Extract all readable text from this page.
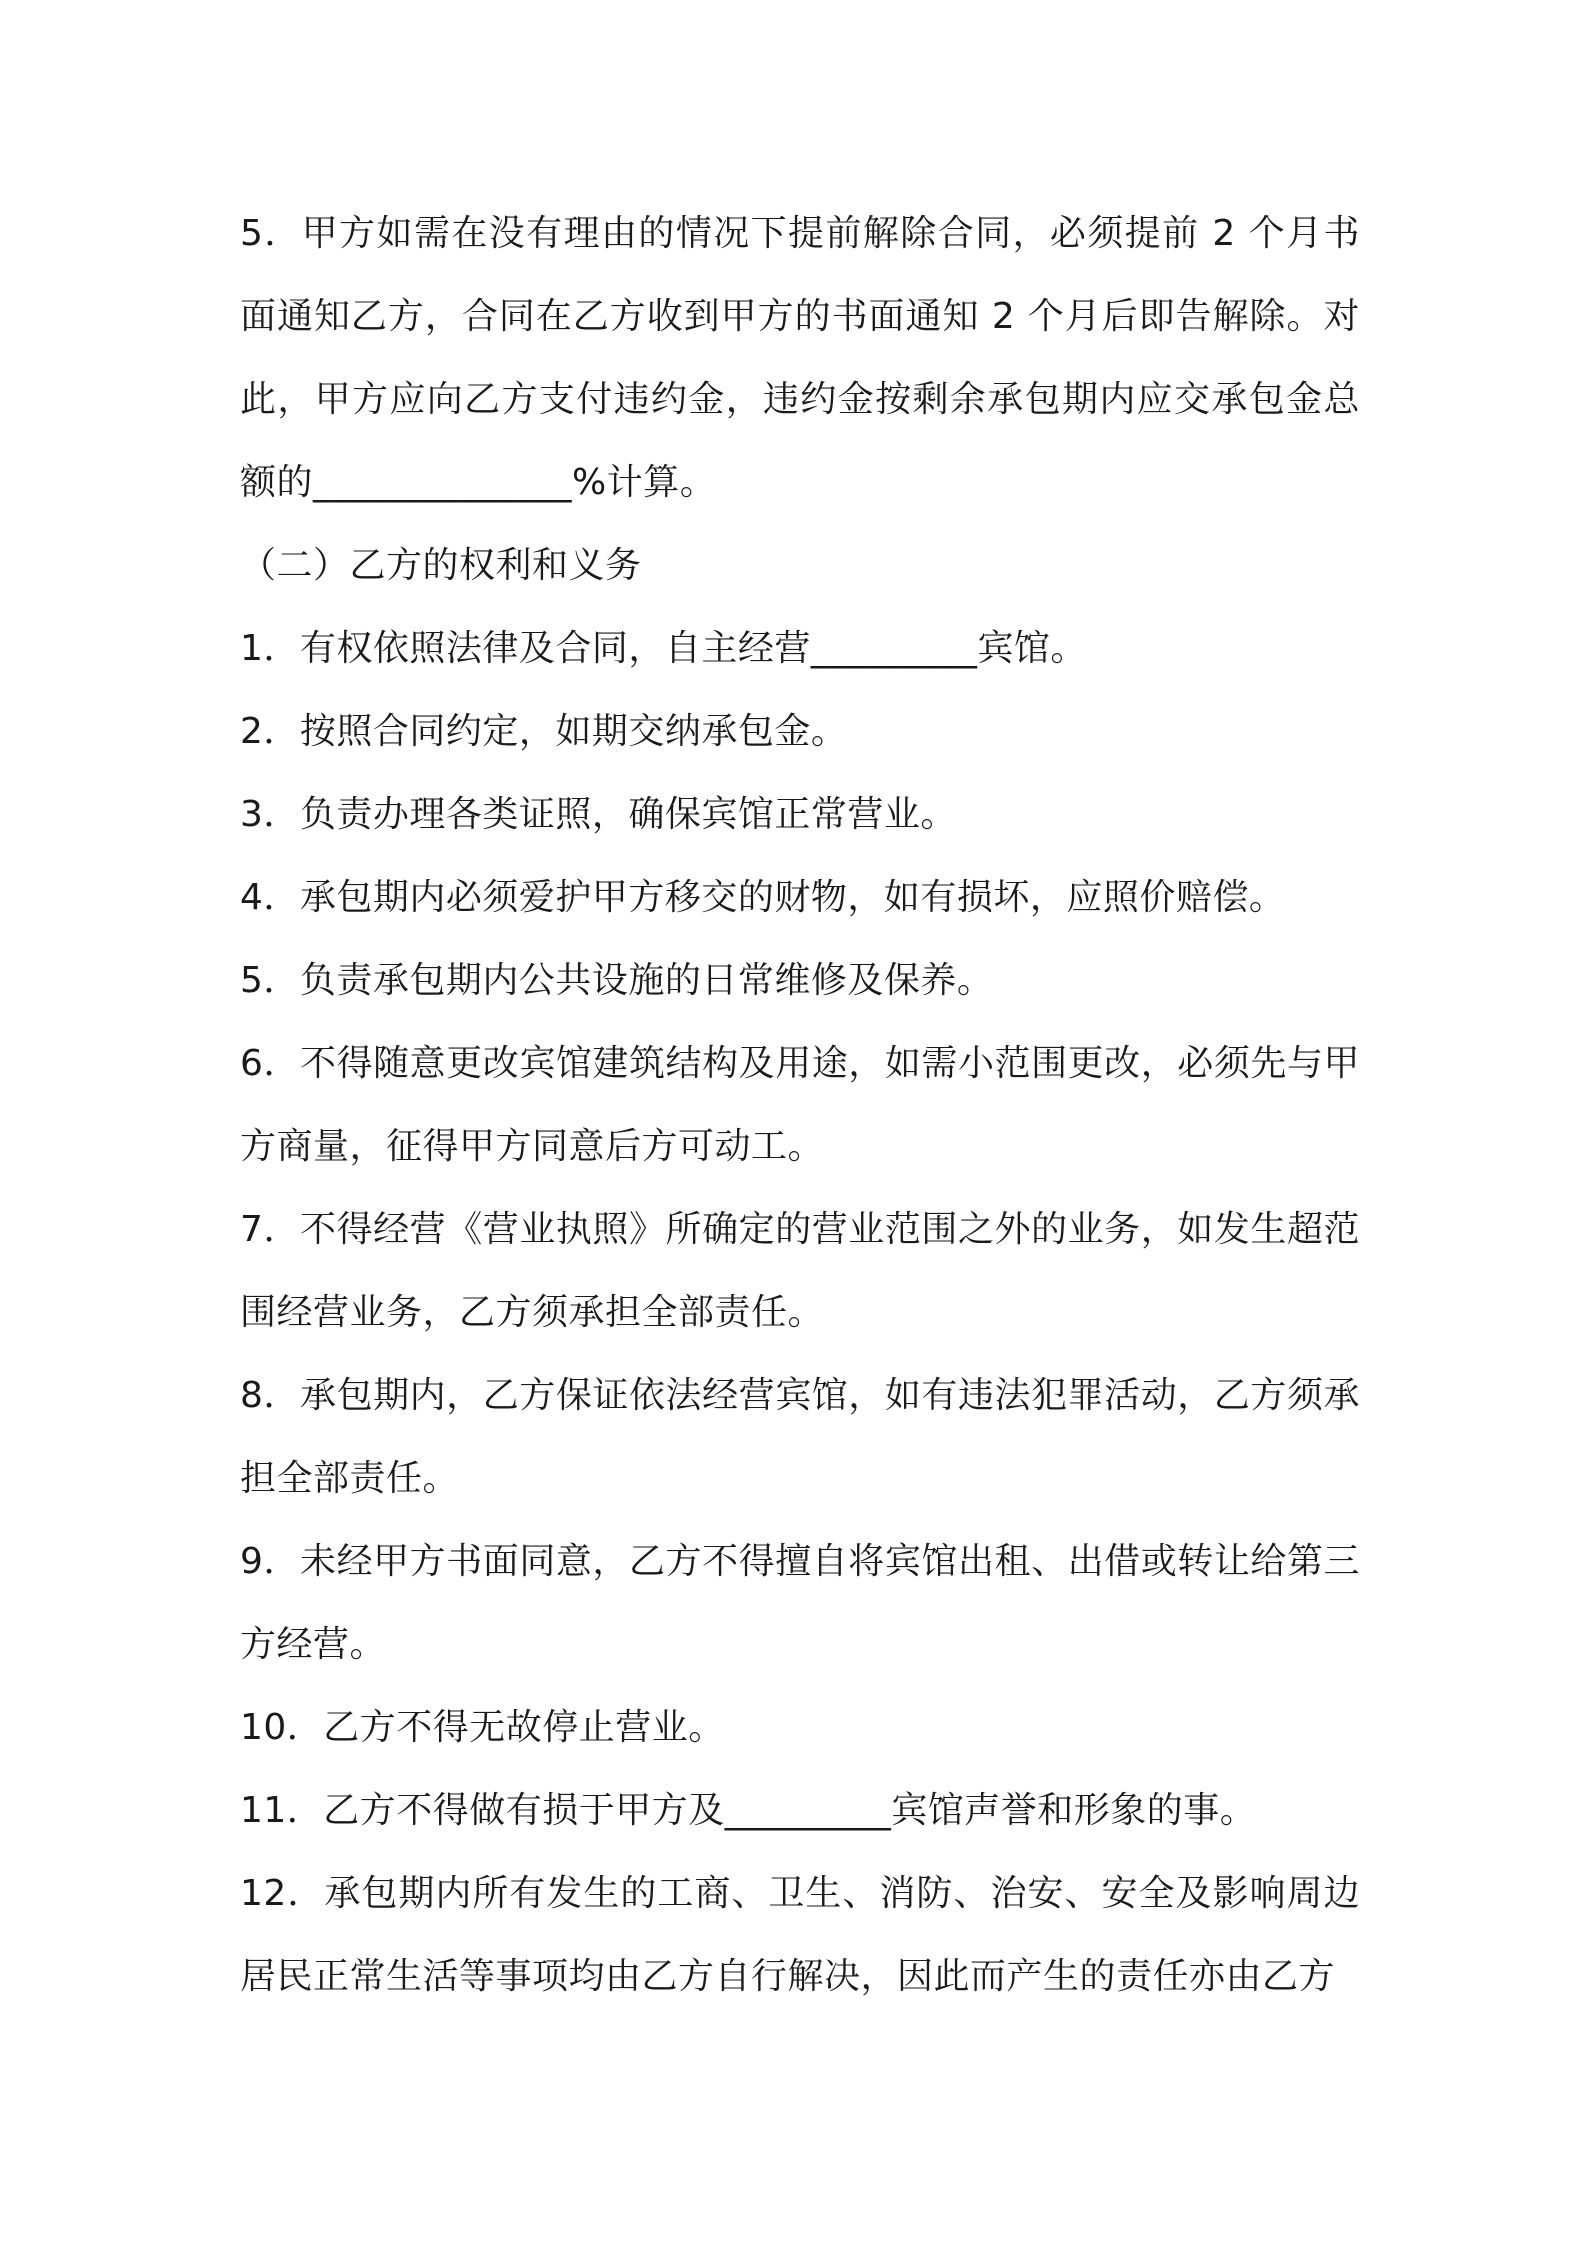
5．甲方如需在没有理由的情况下提前解除合同，必须提前 2 个月书面通知乙方，合同在乙方收到甲方的书面通知 2 个月后即告解除。对此，甲方应向乙方支付违约金，违约金按剩余承包期内应交承包金总额的______________%计算。

（二）乙方的权利和义务

1．有权依照法律及合同，自主经营_________宾馆。

2．按照合同约定，如期交纳承包金。

3．负责办理各类证照，确保宾馆正常营业。

4．承包期内必须爱护甲方移交的财物，如有损坏，应照价赔偿。

5．负责承包期内公共设施的日常维修及保养。

6．不得随意更改宾馆建筑结构及用途，如需小范围更改，必须先与甲方商量，征得甲方同意后方可动工。

7．不得经营《营业执照》所确定的营业范围之外的业务，如发生超范围经营业务，乙方须承担全部责任。

8．承包期内，乙方保证依法经营宾馆，如有违法犯罪活动，乙方须承担全部责任。

9．未经甲方书面同意，乙方不得擅自将宾馆出租、出借或转让给第三方经营。

10．乙方不得无故停止营业。

11．乙方不得做有损于甲方及_________宾馆声誉和形象的事。

12．承包期内所有发生的工商、卫生、消防、治安、安全及影响周边居民正常生活等事项均由乙方自行解决，因此而产生的责任亦由乙方
